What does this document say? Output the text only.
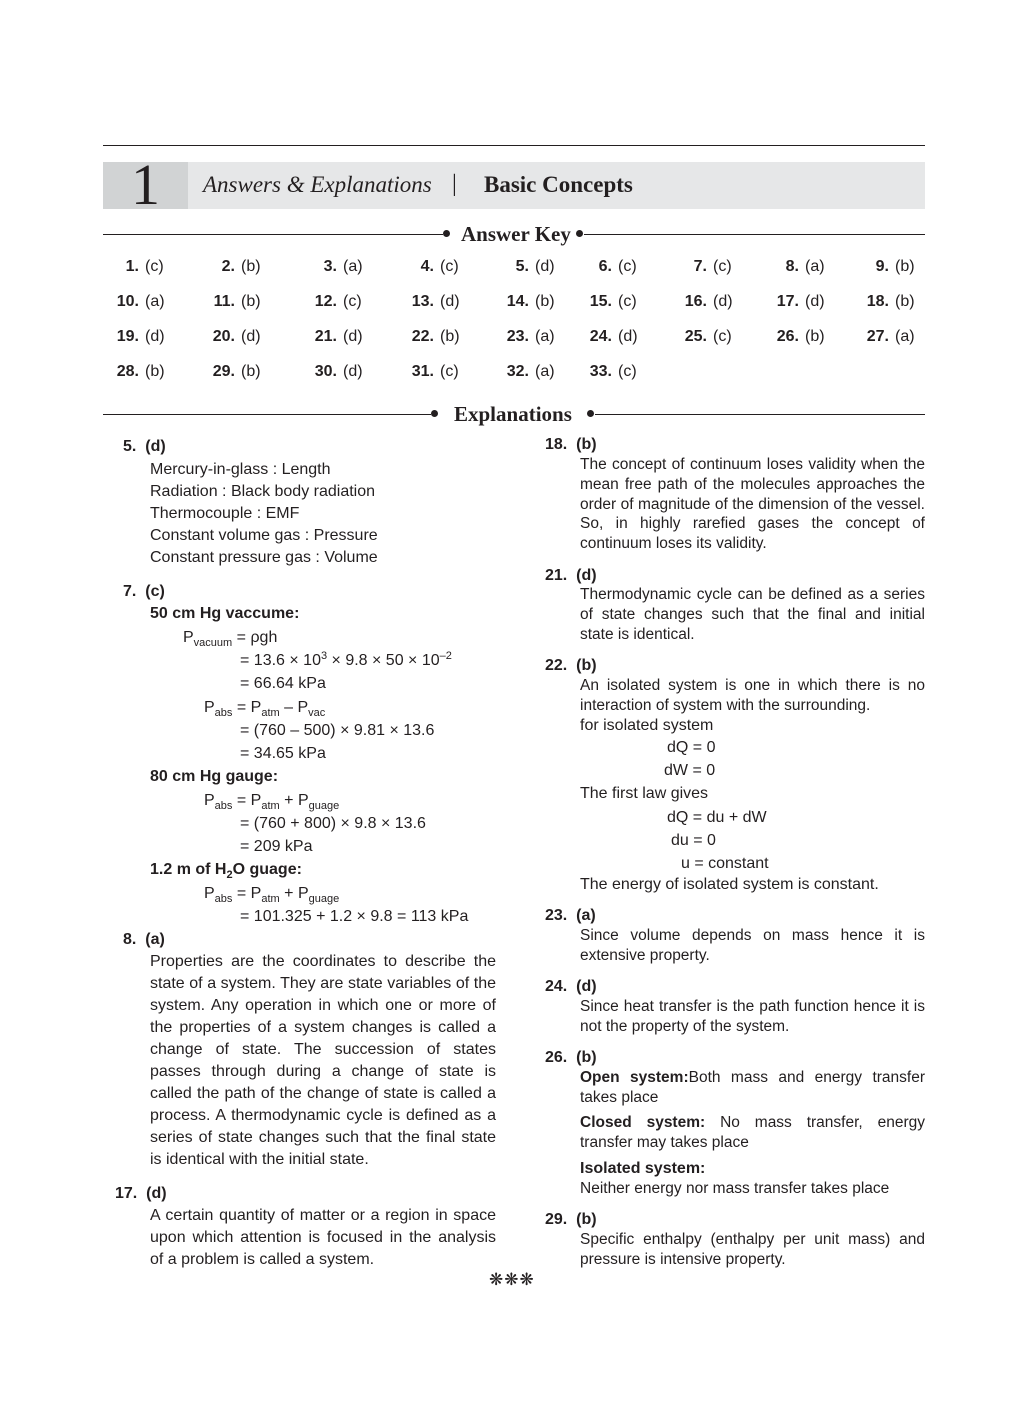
1	Answers & Explanations | Basic Concepts
Answer Key
1. (c)	2. (b)	3. (a)	4. (c)	5. (d)	6. (c)	7. (c)	8. (a)	9. (b)
10. (a)	11. (b)	12. (c)	13. (d)	14. (b)	15. (c)	16. (d)	17. (d)	18. (b)
19. (d)	20. (d)	21. (d)	22. (b)	23. (a)	24. (d)	25. (c)	26. (b)	27. (a)
28. (b)	29. (b)	30. (d)	31. (c)	32. (a)	33. (c)
Explanations
5. (d)
Mercury-in-glass : Length
Radiation : Black body radiation
Thermocouple : EMF
Constant volume gas : Pressure
Constant pressure gas : Volume
7. (c)
50 cm Hg vaccume:
$P_{vacuum} = \rho gh$
= $13.6 \times 10^3 \times 9.8 \times 50 \times 10^{-2}$
= 66.64 kPa
$P_{abs} = P_{atm} - P_{vac}$
= (760 – 500) × 9.81 × 13.6
= 34.65 kPa
80 cm Hg gauge:
$P_{abs} = P_{atm} + P_{guage}$
= (760 + 800) × 9.8 × 13.6
= 209 kPa
1.2 m of $H_2O$ guage:
$P_{abs} = P_{atm} + P_{guage}$
= 101.325 + 1.2 × 9.8 = 113 kPa
8. (a)
Properties are the coordinates to describe the state of a system. They are state variables of the system. Any operation in which one or more of the properties of a system changes is called a change of state. The succession of states passes through during a change of state is called the path of the change of state is called a process. A thermodynamic cycle is defined as a series of state changes such that the final state is identical with the initial state.
17. (d)
A certain quantity of matter or a region in space upon which attention is focused in the analysis of a problem is called a system.
18. (b)
The concept of continuum loses validity when the mean free path of the molecules approaches the order of magnitude of the dimension of the vessel. So, in highly rarefied gases the concept of continuum loses its validity.
21. (d)
Thermodynamic cycle can be defined as a series of state changes such that the final and initial state is identical.
22. (b)
An isolated system is one in which there is no interaction of system with the surrounding.
for isolated system
dQ = 0
dW = 0
The first law gives
dQ = du + dW
du = 0
u = constant
The energy of isolated system is constant.
23. (a)
Since volume depends on mass hence it is extensive property.
24. (d)
Since heat transfer is the path function hence it is not the property of the system.
26. (b)
Open system:Both mass and energy transfer takes place
Closed system: No mass transfer, energy transfer may takes place
Isolated system:
Neither energy nor mass transfer takes place
29. (b)
Specific enthalpy (enthalpy per unit mass) and pressure is intensive property.
❋❋❋
